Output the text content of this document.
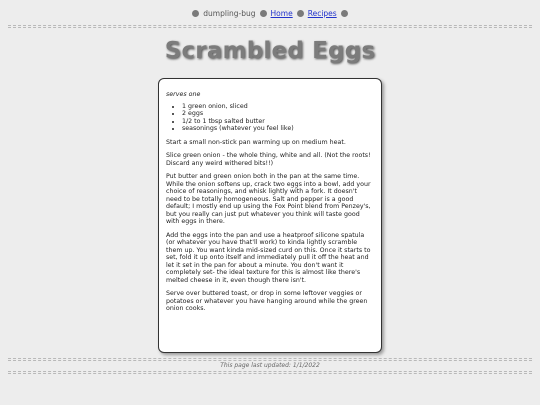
dumpling-bug Home Recipes
Scrambled Eggs

serves one

• 1 green onion, sliced
• 2 eggs
• 1/2 to 1 tbsp salted butter
• seasonings (whatever you feel like)

Start a small non-stick pan warming up on medium heat.

Slice green onion - the whole thing, white and all. (Not the roots! Discard any weird withered bits!!)

Put butter and green onion both in the pan at the same time. While the onion softens up, crack two eggs into a bowl, add your choice of reasonings, and whisk lightly with a fork. It doesn't need to be totally homogeneous. Salt and pepper is a good default; I mostly end up using the Fox Point blend from Penzey's, but you really can just put whatever you think will taste good with eggs in there.

Add the eggs into the pan and use a heatproof silicone spatula (or whatever you have that'll work) to kinda lightly scramble them up. You want kinda mid-sized curd on this. Once it starts to set, fold it up onto itself and immediately pull it off the heat and let it set in the pan for about a minute. You don't want it completely set- the ideal texture for this is almost like there's melted cheese in it, even though there isn't.

Serve over buttered toast, or drop in some leftover veggies or potatoes or whatever you have hanging around while the green onion cooks.

This page last updated: 1/1/2022
